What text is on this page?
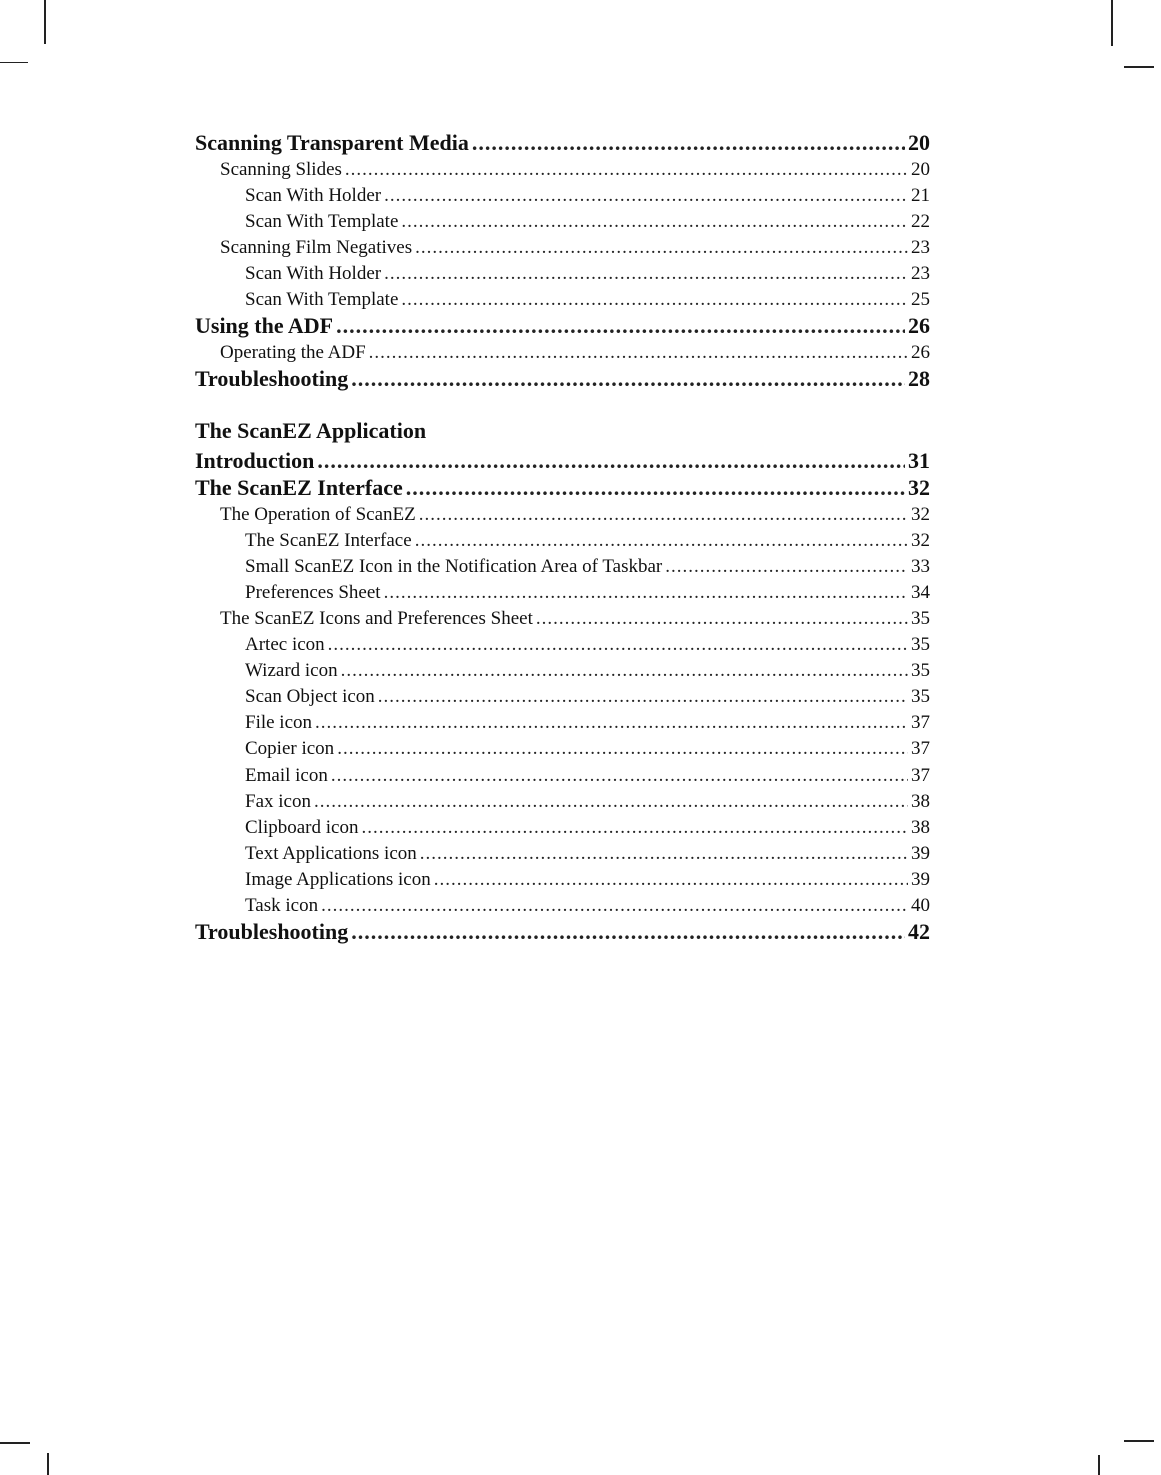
Scanning Transparent Media .....	20
Scanning Slides .....	20
Scan With Holder .....	21
Scan With Template .....	22
Scanning Film Negatives .....	23
Scan With Holder .....	23
Scan With Template .....	25
Using the ADF .....	26
Operating the ADF .....	26
Troubleshooting .....	28
The ScanEZ Application
Introduction .....	31
The ScanEZ Interface .....	32
The Operation of ScanEZ .....	32
The ScanEZ Interface .....	32
Small ScanEZ Icon in the Notification Area of Taskbar .....	33
Preferences Sheet .....	34
The ScanEZ Icons and Preferences Sheet .....	35
Artec icon .....	35
Wizard icon .....	35
Scan Object icon .....	35
File icon .....	37
Copier icon .....	37
Email icon .....	37
Fax icon .....	38
Clipboard icon .....	38
Text Applications icon .....	39
Image Applications icon .....	39
Task icon .....	40
Troubleshooting .....	42
